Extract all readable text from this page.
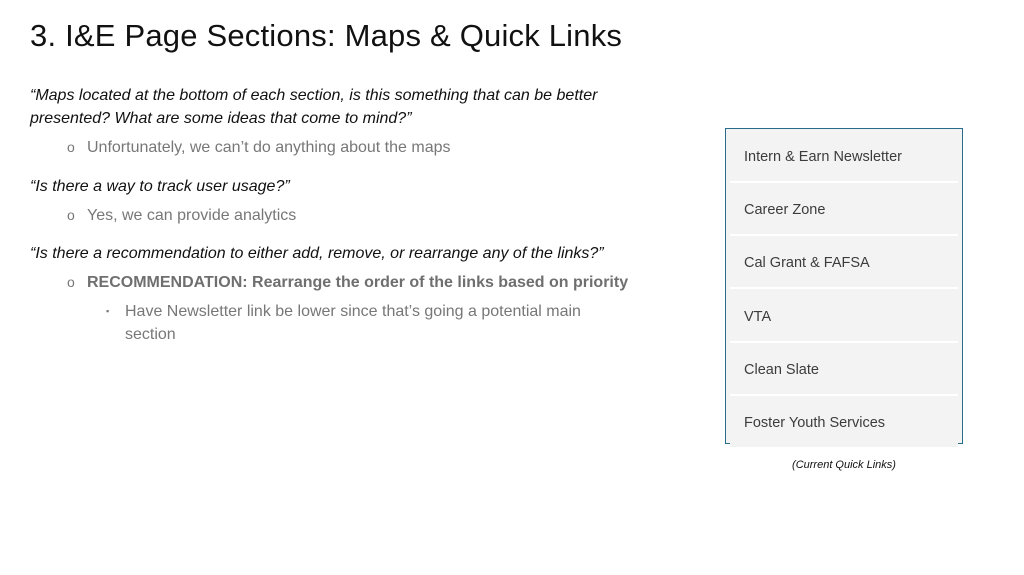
3. I&E Page Sections: Maps & Quick Links

“Maps located at the bottom of each section, is this something that can be better presented? What are some ideas that come to mind?”

o Unfortunately, we can’t do anything about the maps

“Is there a way to track user usage?”

o Yes, we can provide analytics

“Is there a recommendation to either add, remove, or rearrange any of the links?”

o RECOMMENDATION: Rearrange the order of the links based on priority
▪ Have Newsletter link be lower since that’s going a potential main section
Intern & Earn Newsletter
Career Zone
Cal Grant & FAFSA
VTA
Clean Slate
Foster Youth Services
(Current Quick Links)
